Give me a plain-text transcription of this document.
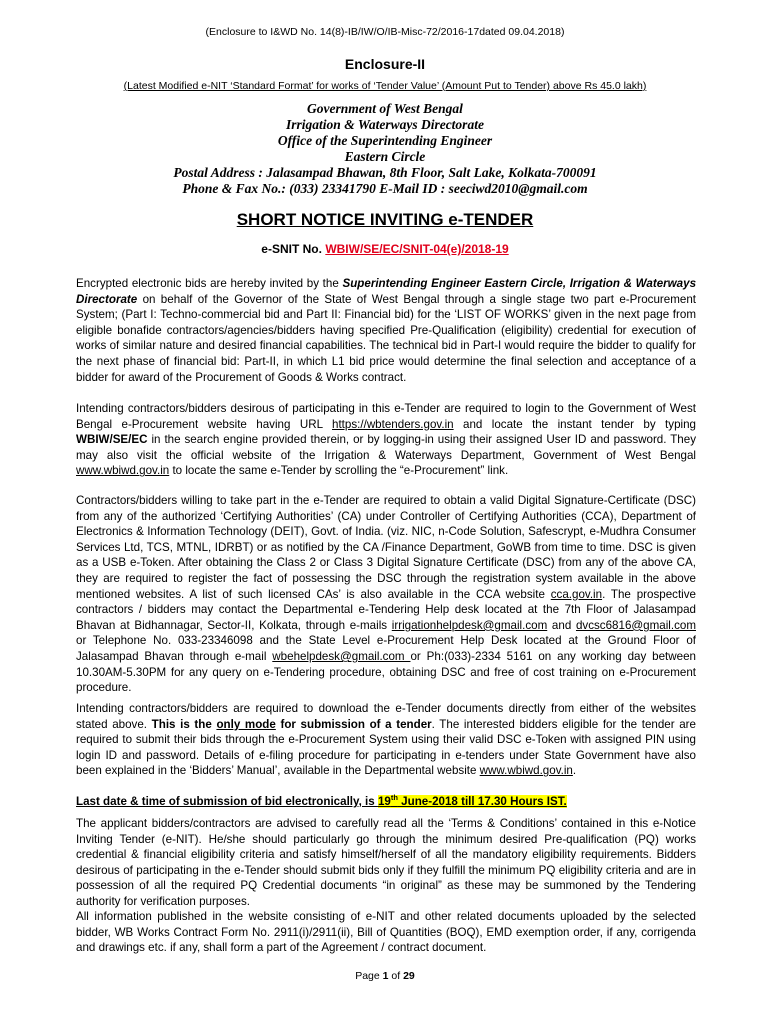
(Enclosure to I&WD No. 14(8)-IB/IW/O/IB-Misc-72/2016-17dated 09.04.2018)
Enclosure-II
(Latest Modified e-NIT ‘Standard Format’ for works of ‘Tender Value’ (Amount Put to Tender) above Rs 45.0 lakh)
Government of West Bengal
Irrigation & Waterways Directorate
Office of the Superintending Engineer
Eastern Circle
Postal Address : Jalasampad Bhawan, 8th Floor, Salt Lake, Kolkata-700091
Phone & Fax No.: (033) 23341790 E-Mail ID : seeciwd2010@gmail.com
SHORT NOTICE INVITING e-TENDER
e-SNIT No. WBIW/SE/EC/SNIT-04(e)/2018-19

Encrypted electronic bids are hereby invited by the Superintending Engineer Eastern Circle, Irrigation & Waterways Directorate on behalf of the Governor of the State of West Bengal through a single stage two part e-Procurement System; (Part I: Techno-commercial bid and Part II: Financial bid) for the ‘LIST OF WORKS’ given in the next page from eligible bonafide contractors/agencies/bidders having specified Pre-Qualification (eligibility) credential for execution of works of similar nature and desired financial capabilities. The technical bid in Part-I would require the bidder to qualify for the next phase of financial bid: Part-II, in which L1 bid price would determine the final selection and acceptance of a bidder for award of the Procurement of Goods & Works contract.

Intending contractors/bidders desirous of participating in this e-Tender are required to login to the Government of West Bengal e-Procurement website having URL https://wbtenders.gov.in and locate the instant tender by typing WBIW/SE/EC in the search engine provided therein, or by logging-in using their assigned User ID and password. They may also visit the official website of the Irrigation & Waterways Department, Government of West Bengal www.wbiwd.gov.in to locate the same e-Tender by scrolling the “e-Procurement” link.

Contractors/bidders willing to take part in the e-Tender are required to obtain a valid Digital Signature-Certificate (DSC) from any of the authorized ‘Certifying Authorities’ (CA) under Controller of Certifying Authorities (CCA), Department of Electronics & Information Technology (DEIT), Govt. of India. (viz. NIC, n-Code Solution, Safescrypt, e-Mudhra Consumer Services Ltd, TCS, MTNL, IDRBT) or as notified by the CA /Finance Department, GoWB from time to time. DSC is given as a USB e-Token. After obtaining the Class 2 or Class 3 Digital Signature Certificate (DSC) from any of the above CA, they are required to register the fact of possessing the DSC through the registration system available in the above mentioned websites. A list of such licensed CAs’ is also available in the CCA website cca.gov.in. The prospective contractors / bidders may contact the Departmental e-Tendering Help desk located at the 7th Floor of Jalasampad Bhavan at Bidhannagar, Sector-II, Kolkata, through e-mails irrigationhelpdesk@gmail.com and dvcsc6816@gmail.com or Telephone No. 033-23346098 and the State Level e-Procurement Help Desk located at the Ground Floor of Jalasampad Bhavan through e-mail wbehelpdesk@gmail.com or Ph:(033)-2334 5161 on any working day between 10.30AM-5.30PM for any query on e-Tendering procedure, obtaining DSC and free of cost training on e-Procurement procedure.

Intending contractors/bidders are required to download the e-Tender documents directly from either of the websites stated above. This is the only mode for submission of a tender. The interested bidders eligible for the tender are required to submit their bids through the e-Procurement System using their valid DSC e-Token with assigned PIN using login ID and password. Details of e-filing procedure for participating in e-tenders under State Government have also been explained in the ‘Bidders’ Manual’, available in the Departmental website www.wbiwd.gov.in.

Last date & time of submission of bid electronically, is 19th June-2018 till 17.30 Hours IST.

The applicant bidders/contractors are advised to carefully read all the ‘Terms & Conditions’ contained in this e-Notice Inviting Tender (e-NIT). He/she should particularly go through the minimum desired Pre-qualification (PQ) works credential & financial eligibility criteria and satisfy himself/herself of all the mandatory eligibility requirements. Bidders desirous of participating in the e-Tender should submit bids only if they fulfill the minimum PQ eligibility criteria and are in possession of all the required PQ Credential documents “in original” as these may be summoned by the Tendering authority for verification purposes.

All information published in the website consisting of e-NIT and other related documents uploaded by the selected bidder, WB Works Contract Form No. 2911(i)/2911(ii), Bill of Quantities (BOQ), EMD exemption order, if any, corrigenda and drawings etc. if any, shall form a part of the Agreement / contract document.

Page 1 of 29
